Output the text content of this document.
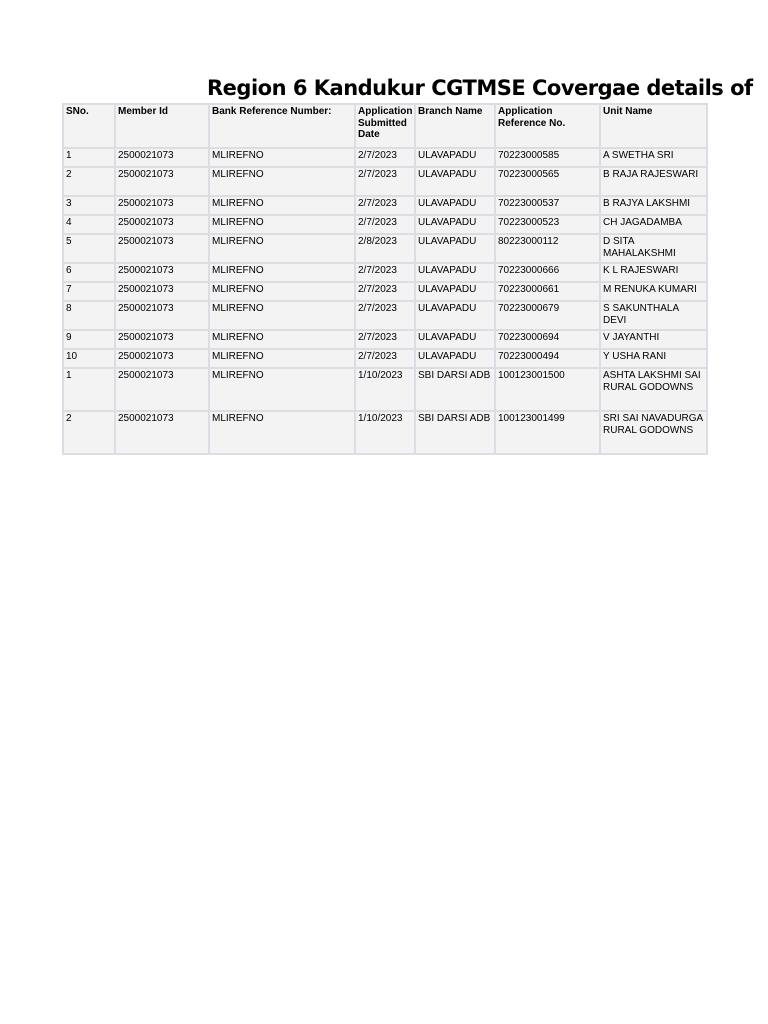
Region 6 Kandukur CGTMSE Covergae details of
SNo.	Member Id	Bank Reference Number:	Application Submitted Date	Branch Name	Application Reference No.	Unit Name
1	2500021073	MLIREFNO	2/7/2023	ULAVAPADU	70223000585	A SWETHA SRI
2	2500021073	MLIREFNO	2/7/2023	ULAVAPADU	70223000565	B RAJA RAJESWARI
3	2500021073	MLIREFNO	2/7/2023	ULAVAPADU	70223000537	B RAJYA LAKSHMI
4	2500021073	MLIREFNO	2/7/2023	ULAVAPADU	70223000523	CH JAGADAMBA
5	2500021073	MLIREFNO	2/8/2023	ULAVAPADU	80223000112	D SITA MAHALAKSHMI
6	2500021073	MLIREFNO	2/7/2023	ULAVAPADU	70223000666	K L RAJESWARI
7	2500021073	MLIREFNO	2/7/2023	ULAVAPADU	70223000661	M RENUKA KUMARI
8	2500021073	MLIREFNO	2/7/2023	ULAVAPADU	70223000679	S SAKUNTHALA DEVI
9	2500021073	MLIREFNO	2/7/2023	ULAVAPADU	70223000694	V JAYANTHI
10	2500021073	MLIREFNO	2/7/2023	ULAVAPADU	70223000494	Y USHA RANI
1	2500021073	MLIREFNO	1/10/2023	SBI DARSI ADB	100123001500	ASHTA LAKSHMI SAI RURAL GODOWNS
2	2500021073	MLIREFNO	1/10/2023	SBI DARSI ADB	100123001499	SRI SAI NAVADURGA RURAL GODOWNS
